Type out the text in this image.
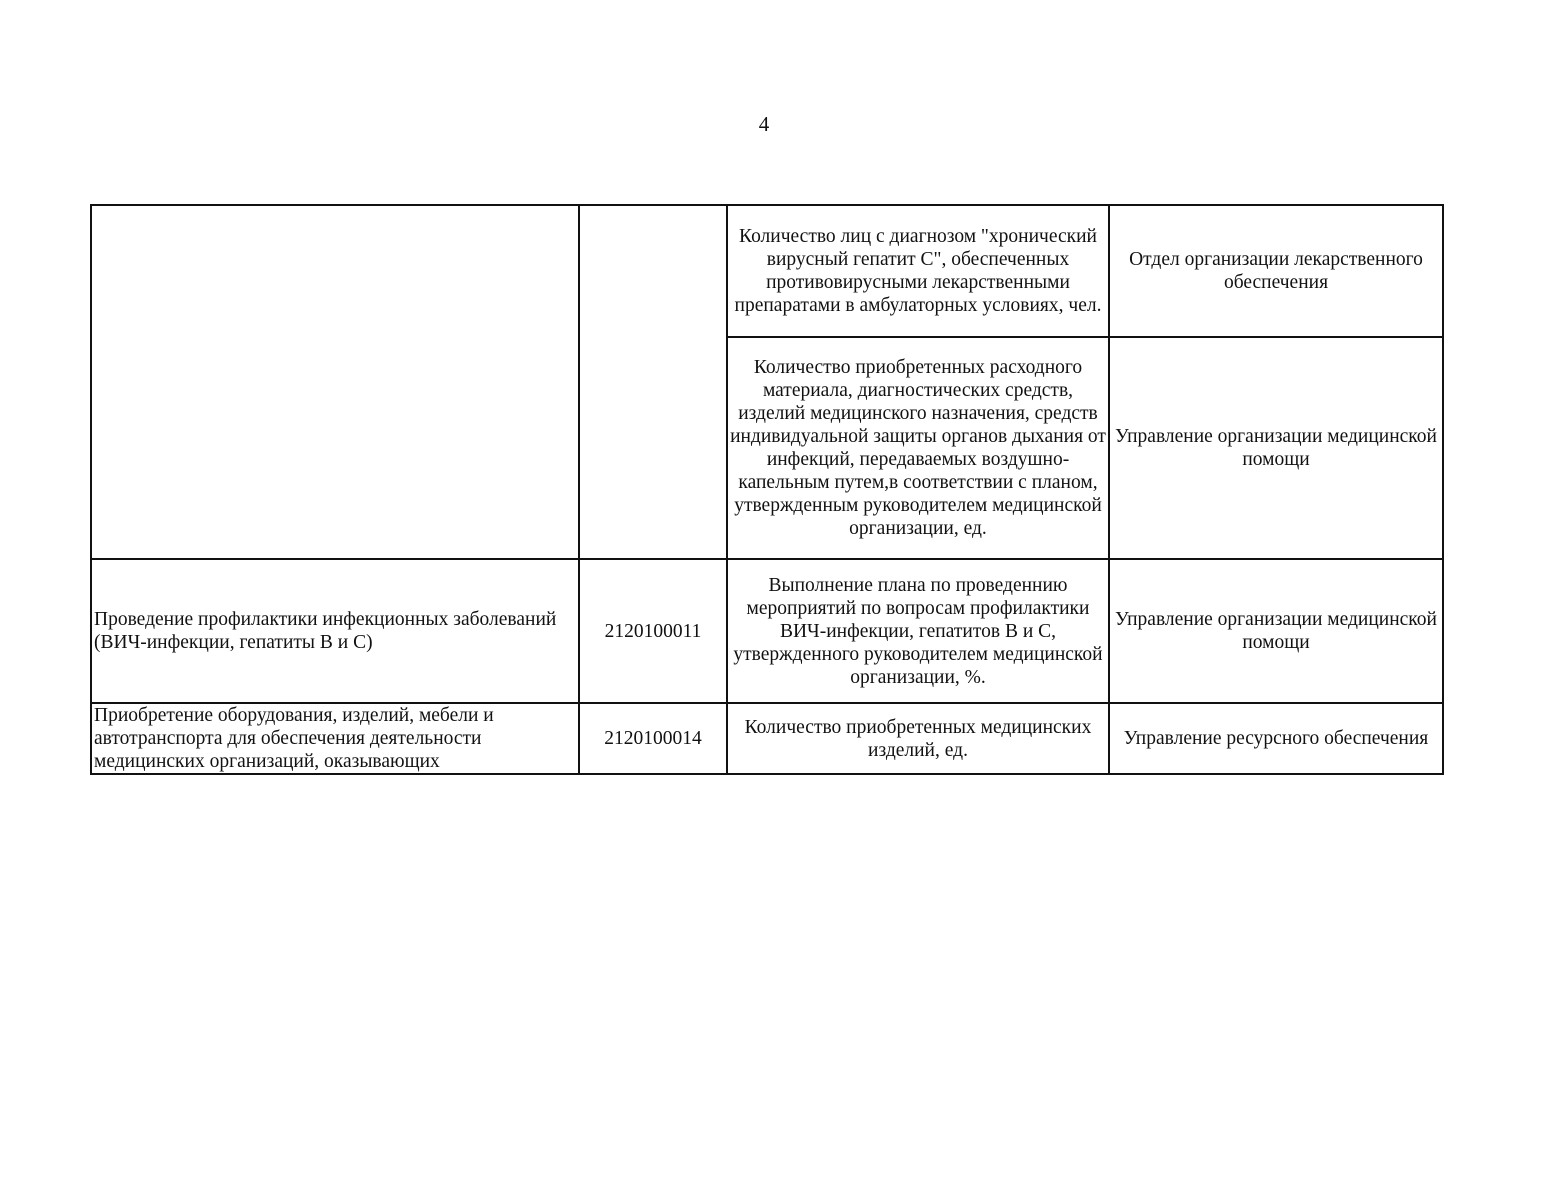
4
		Количество лиц с диагнозом "хронический вирусный гепатит С", обеспеченных противовирусными лекарственными препаратами в амбулаторных условиях, чел.	Отдел организации лекарственного обеспечения
		Количество приобретенных расходного материала, диагностических средств, изделий медицинского назначения, средств индивидуальной защиты органов дыхания от инфекций, передаваемых воздушно-капельным путем,в соответствии с планом, утвержденным руководителем медицинской организации, ед.	Управление организации медицинской помощи
Проведение профилактики инфекционных заболеваний (ВИЧ-инфекции, гепатиты В и С)	2120100011	Выполнение плана по проведеннию мероприятий по вопросам профилактики ВИЧ-инфекции, гепатитов В и С, утвержденного руководителем медицинской организации, %.	Управление организации медицинской помощи

Приобретение оборудования, изделий, мебели и автотранспорта для обеспечения деятельности медицинских организаций, оказывающих	2120100014	Количество приобретенных медицинских изделий, ед.	Управление ресурсного обеспечения
